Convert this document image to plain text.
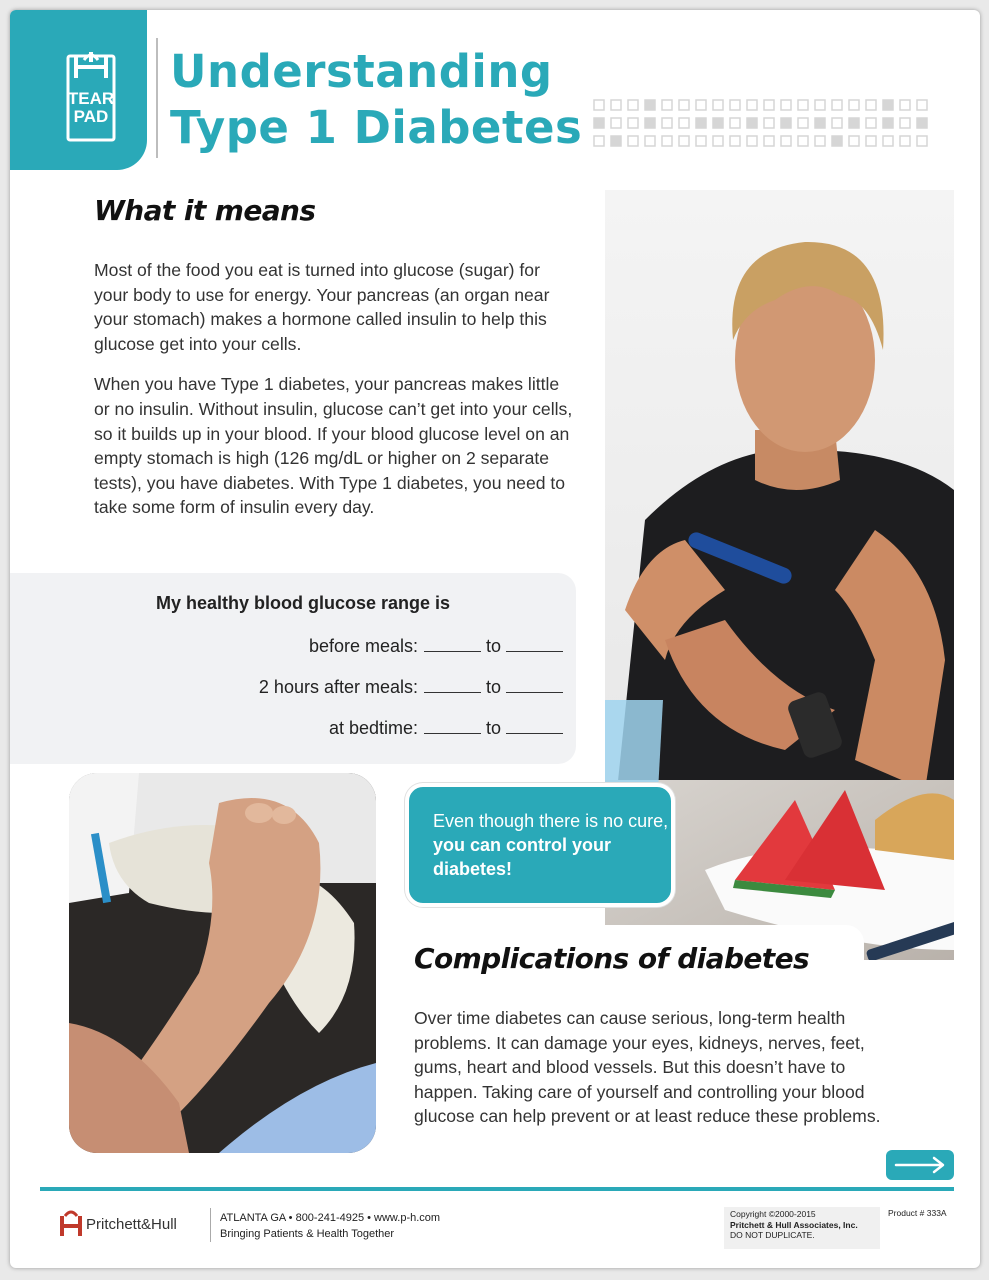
TEAR
PAD
Understanding
Type 1 Diabetes
What it means

Most of the food you eat is turned into glucose (sugar) for your body to use for energy. Your pancreas (an organ near your stomach) makes a hormone called insulin to help this glucose get into your cells.

When you have Type 1 diabetes, your pancreas makes little or no insulin. Without insulin, glucose can’t get into your cells, so it builds up in your blood. If your blood glucose level on an empty stomach is high (126 mg/dL or higher on 2 separate tests), you have diabetes. With Type 1 diabetes, you need to take some form of insulin every day.

My healthy blood glucose range is
before meals:	to
2 hours after meals:	to
at bedtime:	to
Even though there is no cure, you can control your diabetes!
Complications of diabetes

Over time diabetes can cause serious, long-term health problems. It can damage your eyes, kidneys, nerves, feet, gums, heart and blood vessels. But this doesn’t have to happen. Taking care of yourself and controlling your blood glucose can help prevent or at least reduce these problems.

Pritchett&Hull	ATLANTA GA • 800-241-4925 • www.p-h.com
Bringing Patients & Health Together
Copyright ©2000-2015
Pritchett & Hull Associates, Inc.
DO NOT DUPLICATE.
Product # 333A
